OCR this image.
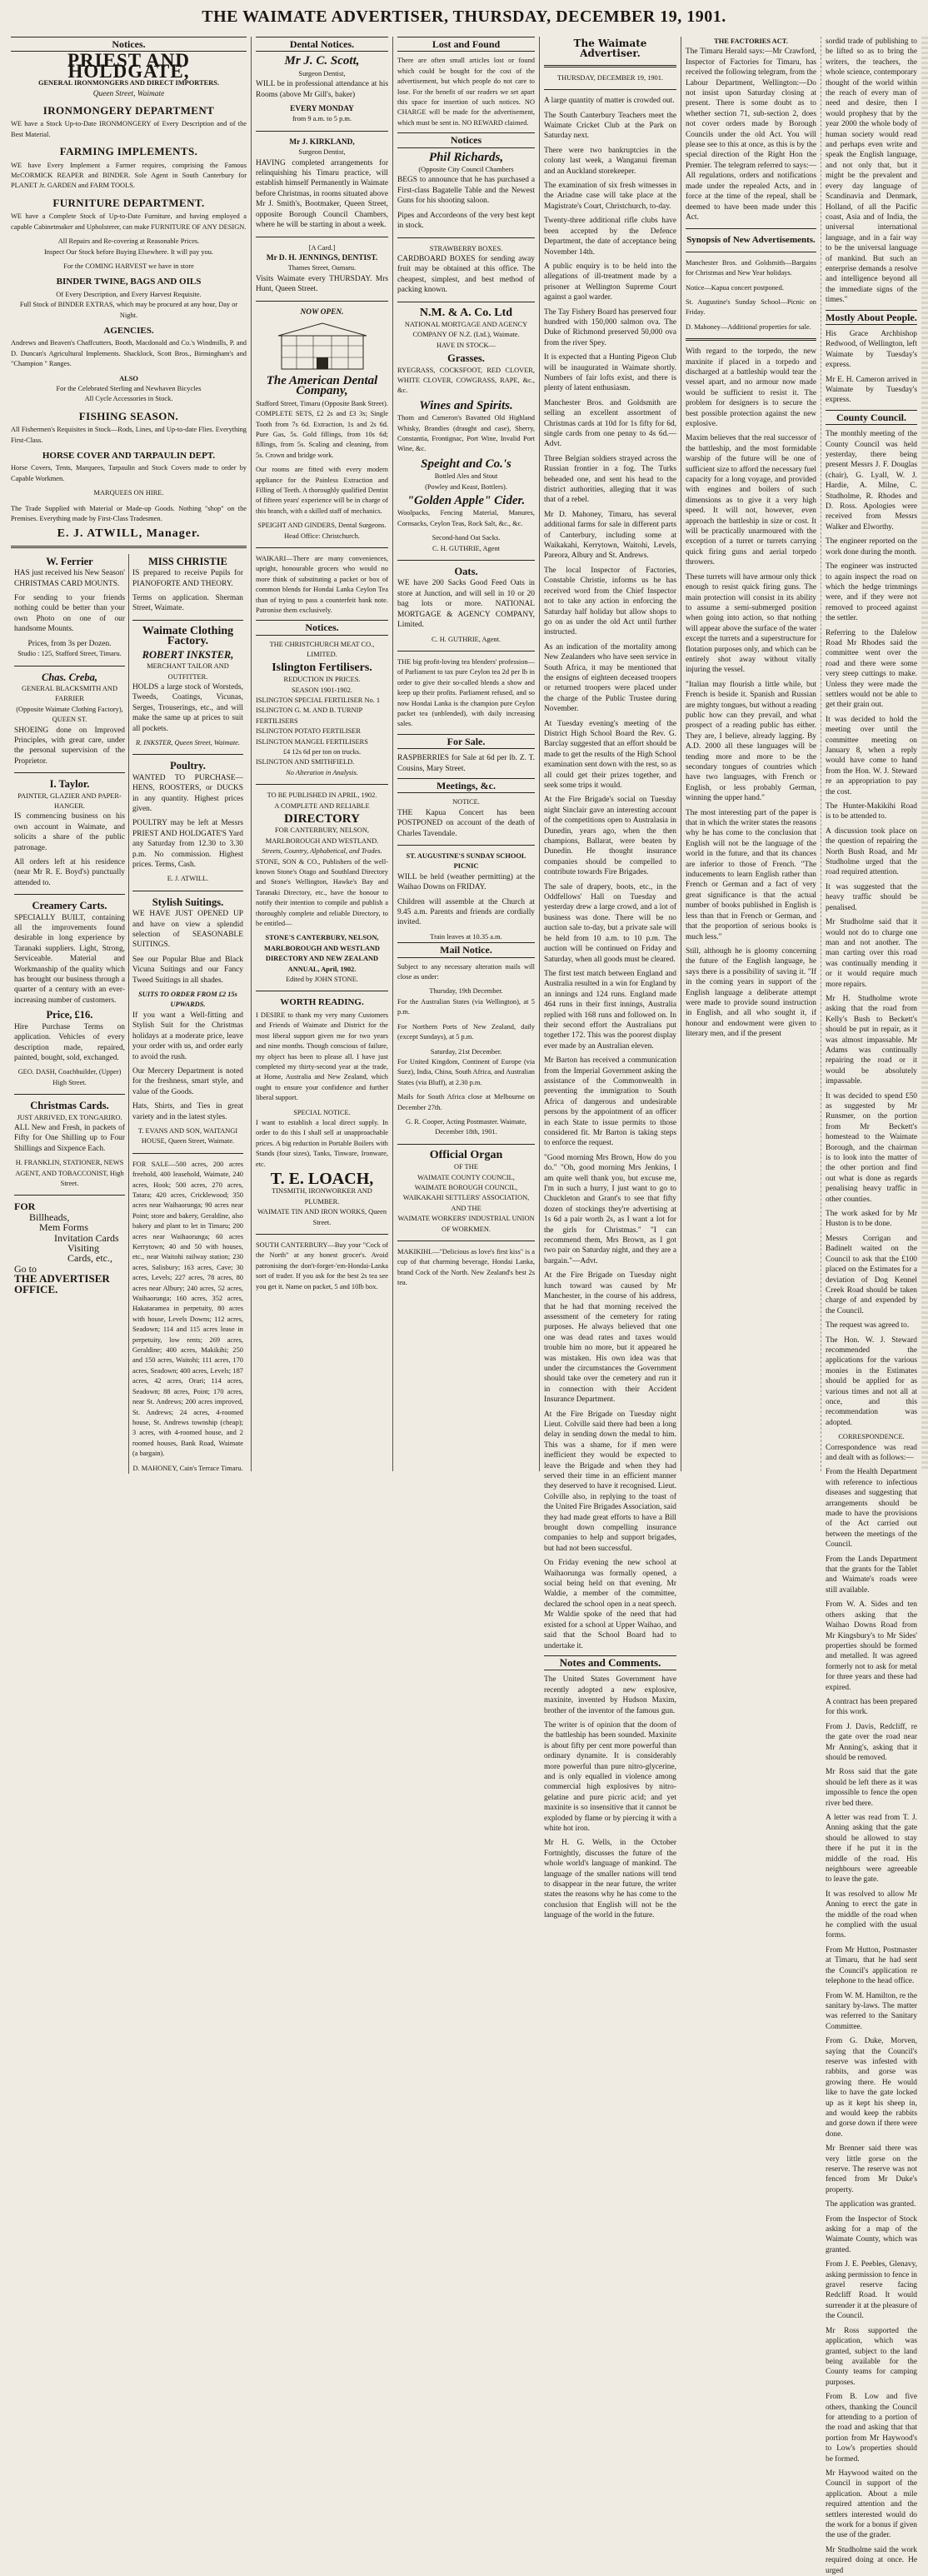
THE WAIMATE ADVERTISER, THURSDAY, DECEMBER 19, 1901.
Notices.
PRIEST AND HOLDGATE,
GENERAL IRONMONGERS AND DIRECT IMPORTERS.
Queen Street, Waimate
IRONMONGERY DEPARTMENT

WE have a Stock Up-to-Date IRONMONGERY of Every Description and of the Best Material.

FARMING IMPLEMENTS.

WE have Every Implement a Farmer requires, comprising the Famous McCORMICK REAPER and BINDER. Sole Agent in South Canterbury for PLANET Jr. GARDEN and FARM TOOLS.

FURNITURE DEPARTMENT.

WE have a Complete Stock of Up-to-Date Furniture, and having employed a capable Cabinetmaker and Upholsterer, can make FURNITURE OF ANY DESIGN.

All Repairs and Re-covering at Reasonable Prices.
Inspect Our Stock before Buying Elsewhere. It will pay you.
For the COMING HARVEST we have in store
BINDER TWINE, BAGS AND OILS
Of Every Description, and Every Harvest Requisite.
Full Stock of BINDER EXTRAS, which may be procured at any hour, Day or Night.
AGENCIES.

Andrews and Beaven's Chaffcutters, Booth, Macdonald and Co.'s Windmills, P. and D. Duncan's Agricultural Implements. Shacklock, Scott Bros., Birmingham's and "Champion " Ranges.

ALSO
For the Celebrated Sterling and Newhaven Bicycles
All Cycle Accessories in Stock.
FISHING SEASON.

All Fishermen's Requisites in Stock—Rods, Lines, and Up-to-date Flies. Everything First-Class.

HORSE COVER AND TARPAULIN DEPT.

Horse Covers, Tents, Marquees, Tarpaulin and Stock Covers made to order by Capable Workmen.

MARQUEES ON HIRE.

The Trade Supplied with Material or Made-up Goods. Nothing "shop" on the Premises. Everything made by First-Class Tradesmen.

E. J. ATWILL, Manager.
W. Ferrier

HAS just received his New Season' CHRISTMAS CARD MOUNTS.

For sending to your friends nothing could be better than your own Photo on one of our handsome Mounts.

Prices, from 3s per Dozen.
Studio : 125, Stafford Street, Timaru.
Chas. Creba,
GENERAL BLACKSMITH AND FARRIER
(Opposite Waimate Clothing Factory), QUEEN ST.

SHOEING done on Improved Principles, with great care, under the personal supervision of the Proprietor.

I. Taylor.
PAINTER, GLAZIER AND PAPER-HANGER.

IS commencing business on his own account in Waimate, and solicits a share of the public patronage.

All orders left at his residence (near Mr R. E. Boyd's) punctually attended to.

Creamery Carts.

SPECIALLY BUILT, containing all the improvements found desirable in long experience by Taranaki suppliers. Light, Strong, Serviceable. Material and Workmanship of the quality which has brought our business through a quarter of a century with an ever-increasing number of customers.

Price, £16.

Hire Purchase Terms on application. Vehicles of every description made, repaired, painted, bought, sold, exchanged.

GEO. DASH, Coachbuilder, (Upper) High Street.
Christmas Cards.
JUST ARRIVED, EX TONGARIRO.

ALL New and Fresh, in packets of Fifty for One Shilling up to Four Shillings and Sixpence Each.

H. FRANKLIN, STATIONER, NEWS AGENT, AND TOBACCONIST, High Street.
FOR
Billheads,
Mem Forms
Invitation Cards
Visiting Cards, etc.,
Go to
THE ADVERTISER OFFICE.
MISS CHRISTIE

IS prepared to receive Pupils for PIANOFORTE AND THEORY.

Terms on application. Sherman Street, Waimate.

Waimate Clothing Factory.
ROBERT INKSTER,
MERCHANT TAILOR AND OUTFITTER.

HOLDS a large stock of Worsteds, Tweeds, Coatings, Vicunas, Serges, Trouserings, etc., and will make the same up at prices to suit all pockets.

R. INKSTER, Queen Street, Waimate.
Poultry.

WANTED TO PURCHASE— HENS, ROOSTERS, or DUCKS in any quantity. Highest prices given.

POULTRY may be left at Messrs PRIEST AND HOLDGATE'S Yard any Saturday from 12.30 to 3.30 p.m. No commission. Highest prices. Terms, Cash.

E. J. ATWILL.
Stylish Suitings.

WE HAVE JUST OPENED UP and have on view a splendid selection of SEASONABLE SUITINGS.

See our Popular Blue and Black Vicuna Suitings and our Fancy Tweed Suitings in all shades.

SUITS TO ORDER FROM £2 15s UPWARDS.

If you want a Well-fitting and Stylish Suit for the Christmas holidays at a moderate price, leave your order with us, and order early to avoid the rush.

Our Mercery Department is noted for the freshness, smart style, and value of the Goods.

Hats, Shirts, and Ties in great variety and in the latest styles.

T. EVANS AND SON, WAITANGI HOUSE, Queen Street, Waimate.

FOR SALE—500 acres, 200 acres freehold, 400 leasehold, Waimate, 240 acres, Hook; 500 acres, 270 acres, Tatara; 420 acres, Cricklewood; 350 acres near Waihaorunga; 90 acres near Point; store and bakery, Geraldine, also bakery and plant to let in Timaru; 200 acres near Waihaorunga; 60 acres Kerrytown; 40 and 50 with houses, etc., near Waitohi railway station; 230 acres, Salisbury; 163 acres, Cave; 30 acres, Levels; 227 acres, 78 acres, 80 acres near Albury; 240 acres, 52 acres, Waihaorunga; 160 acres, 352 acres, Hakataramea in perpetuity, 80 acres with house, Levels Downs; 112 acres, Seadown; 114 and 115 acres lease in perpetuity, low rents; 269 acres, Geraldine; 400 acres, Makikihi; 250 and 150 acres, Waitohi; 111 acres, 170 acres, Seadown; 400 acres, Levels; 187 acres, 42 acres, Orari; 114 acres, Seadown; 88 acres, Point; 170 acres, near St. Andrews; 200 acres improved, St. Andrews; 24 acres, 4-roomed house, St. Andrews township (cheap); 3 acres, with 4-roomed house, and 2 roomed houses, Bank Road, Waimate (a bargain).

D. MAHONEY, Cain's Terrace Timaru.
Dental Notices.
Mr J. C. Scott,
Surgeon Dentist,

WILL be in professional attendance at his Rooms (above Mr Gill's, baker)

EVERY MONDAY
from 9 a.m. to 5 p.m.
Mr J. KIRKLAND,
Surgeon Dentist,

HAVING completed arrangements for relinquishing his Timaru practice, will establish himself Permanently in Waimate before Christmas, in rooms situated above Mr J. Smith's, Bootmaker, Queen Street, opposite Borough Council Chambers, where he will be starting in about a week.

[A Card.]
Mr D. H. JENNINGS, DENTIST.
Thames Street, Oamaru.

Visits Waimate every THURSDAY. Mrs Hunt, Queen Street.

NOW OPEN.
The American Dental Company,
Stafford Street, Timaru (Opposite Bank Street).

COMPLETE SETS, £2 2s and £3 3s; Single Tooth from 7s 6d. Extraction, 1s and 2s 6d. Pure Gas, 5s. Gold fillings, from 10s 6d; fillings, from 5s. Scaling and cleaning, from 5s. Crown and bridge work.

Our rooms are fitted with every modern appliance for the Painless Extraction and Filling of Teeth. A thoroughly qualified Dentist of fifteen years' experience will be in charge of this branch, with a skilled staff of mechanics.

SPEIGHT AND GINDERS, Dental Surgeons. Head Office: Christchurch.

WAIKARI—There are many conveniences, upright, honourable grocers who would no more think of substituting a packet or box of common blends for Hondai Lanka Ceylon Tea than of trying to pass a counterfeit bank note. Patronise them exclusively.

Notices.
THE CHRISTCHURCH MEAT CO., LIMITED.
Islington Fertilisers.
REDUCTION IN PRICES.
SEASON 1901-1902.
ISLINGTON SPECIAL FERTILISER No. 1
ISLINGTON G. M. AND B. TURNIP FERTILISERS
ISLINGTON POTATO FERTILISER
ISLINGTON MANGEL FERTILISERS
£4 12s 6d per ton on trucks.
ISLINGTON AND SMITHFIELD.
No Alteration in Analysis.
TO BE PUBLISHED IN APRIL, 1902.
A COMPLETE AND RELIABLE
DIRECTORY
FOR CANTERBURY, NELSON, MARLBOROUGH AND WESTLAND.
Streets, Country, Alphabetical, and Trades.

STONE, SON & CO., Publishers of the well-known Stone's Otago and Southland Directory and Stone's Wellington, Hawke's Bay and Taranaki Directory, etc., have the honour to notify their intention to compile and publish a thoroughly complete and reliable Directory, to be entitled—

STONE'S CANTERBURY, NELSON, MARLBOROUGH AND WESTLAND DIRECTORY AND NEW ZEALAND ANNUAL, April, 1902.
Edited by JOHN STONE.
WORTH READING.

I DESIRE to thank my very many Customers and Friends of Waimate and District for the most liberal support given me for two years and nine months. Though conscious of failure, my object has been to please all. I have just completed my thirty-second year at the trade, at Home, Australia and New Zealand, which ought to ensure your confidence and further liberal support.

SPECIAL NOTICE.

I want to establish a local direct supply. In order to do this I shall sell at unapproachable prices. A big reduction in Portable Boilers with Stands (four sizes), Tanks, Tinware, Ironware, etc.

T. E. LOACH,
TINSMITH, IRONWORKER AND PLUMBER.
WAIMATE TIN AND IRON WORKS, Queen Street.

SOUTH CANTERBURY—Buy your "Cock of the North" at any honest grocer's. Avoid patronising the don't-forget-'em-Hondai-Lanka sort of trader. If you ask for the best 2s tea see you get it. Name on packet, 5 and 10lb box.

Lost and Found

There are often small articles lost or found which could be bought for the cost of the advertisement, but which people do not care to lose. For the benefit of our readers we set apart this space for insertion of such notices. NO CHARGE will be made for the advertisement, which must be sent in. NO REWARD claimed.

Notices
Phil Richards,
(Opposite City Council Chambers

BEGS to announce that he has purchased a First-class Bagatelle Table and the Newest Guns for his shooting saloon.

Pipes and Accordeons of the very best kept in stock.

STRAWBERRY BOXES.

CARDBOARD BOXES for sending away fruit may be obtained at this office. The cheapest, simplest, and best method of packing known.

N.M. & A. Co. Ltd
NATIONAL MORTGAGE AND AGENCY COMPANY OF N.Z. (Ltd.), Waimate.
HAVE IN STOCK—
Grasses.

RYEGRASS, COCKSFOOT, RED CLOVER, WHITE CLOVER, COWGRASS, RAPE, &c., &c.

Wines and Spirits.

Thom and Cameron's Bavatted Old Highland Whisky, Brandies (draught and case), Sherry, Constantia, Frontignac, Port Wine, Invalid Port Wine, &c.

Speight and Co.'s
Bottled Ales and Stout
(Powley and Keast, Bottlers).
"Golden Apple" Cider.

Woolpacks, Fencing Material, Manures, Cornsacks, Ceylon Teas, Rock Salt, &c., &c.

Second-hand Oat Sacks.
C. H. GUTHRIE, Agent
Oats.

WE have 200 Sacks Good Feed Oats in store at Junction, and will sell in 10 or 20 bag lots or more. NATIONAL MORTGAGE & AGENCY COMPANY, Limited.

C. H. GUTHRIE, Agent.

THE big profit-loving tea blenders' profession—of Parliament to tax pure Ceylon tea 2d per lb in order to give their so-called blends a show and keep up their profits. Parliament refused, and so now Hondai Lanka is the champion pure Ceylon packet tea (unblended), with daily increasing sales.

For Sale.

RASPBERRIES for Sale at 6d per lb. Z. T. Cousins, Mary Street.

Meetings, &c.
NOTICE.

THE Kapua Concert has been POSTPONED on account of the death of Charles Tavendale.

ST. AUGUSTINE'S SUNDAY SCHOOL PICNIC

WILL be held (weather permitting) at the Waihao Downs on FRIDAY.

Children will assemble at the Church at 9.45 a.m. Parents and friends are cordially invited.

Train leaves at 10.35 a.m.
Mail Notice.

Subject to any necessary alteration mails will close as under:

Thursday, 19th December.

For the Australian States (via Wellington), at 5 p.m.

For Northern Ports of New Zealand, daily (except Sundays), at 5 p.m.

Saturday, 21st December.

For United Kingdom, Continent of Europe (via Suez), India, China, South Africa, and Australian States (via Bluff), at 2.30 p.m.

Mails for South Africa close at Melbourne on December 27th.

G. R. Cooper, Acting Postmaster. Waimate, December 18th, 1901.
Official Organ
OF THE
WAIMATE COUNTY COUNCIL,
WAIMATE BOROUGH COUNCIL,
WAIKAKAHI SETTLERS' ASSOCIATION,
AND THE
WAIMATE WORKERS' INDUSTRIAL UNION OF WORKMEN.

MAKIKIHI.—"Delicious as love's first kiss" is a cup of that charming beverage, Hondai Lanka, brand Cock of the North. New Zealand's best 2s tea.

The Waimate Advertiser.
THURSDAY, DECEMBER 19, 1901.

A large quantity of matter is crowded out.

The South Canterbury Teachers meet the Waimate Cricket Club at the Park on Saturday next.

There were two bankruptcies in the colony last week, a Wanganui fireman and an Auckland storekeeper.

The examination of six fresh witnesses in the Ariadne case will take place at the Magistrate's Court, Christchurch, to-day.

Twenty-three additional rifle clubs have been accepted by the Defence Department, the date of acceptance being November 14th.

A public enquiry is to be held into the allegations of ill-treatment made by a prisoner at Wellington Supreme Court against a gaol warder.

The Tay Fishery Board has preserved four hundred with 150,000 salmon ova. The Duke of Richmond preserved 50,000 ova from the river Spey.

It is expected that a Hunting Pigeon Club will be inaugurated in Waimate shortly. Numbers of fair lofts exist, and there is plenty of latent enthusiasm.

Manchester Bros. and Goldsmith are selling an excellent assortment of Christmas cards at 10d for 1s fifty for 6d, single cards from one penny to 4s 6d.—Advt.

Three Belgian soldiers strayed across the Russian frontier in a fog. The Turks beheaded one, and sent his head to the district authorities, alleging that it was that of a rebel.

Mr D. Mahoney, Timaru, has several additional farms for sale in different parts of Canterbury, including some at Waikakahi, Kerrytown, Waitohi, Levels, Pareora, Albury and St. Andrews.

The local Inspector of Factories, Constable Christie, informs us he has received word from the Chief Inspector not to take any action in enforcing the Saturday half holiday but allow shops to go on as under the old Act until further instructed.

As an indication of the mortality among New Zealanders who have seen service in South Africa, it may be mentioned that the ensigns of eighteen deceased troopers or returned troopers were placed under the charge of the Public Trustee during November.

At Tuesday evening's meeting of the District High School Board the Rev. G. Barclay suggested that an effort should be made to get the results of the High School examination sent down with the rest, so as all could get their prizes together, and seek some trips it would.

At the Fire Brigade's social on Tuesday night Sinclair gave an interesting account of the competitions open to Australasia in Dunedin, years ago, when the then champions, Ballarat, were beaten by Dunedin. He thought insurance companies should be compelled to contribute towards Fire Brigades.

The sale of drapery, boots, etc., in the Oddfellows' Hall on Tuesday and yesterday drew a large crowd, and a lot of business was done. There will be no auction sale to-day, but a private sale will be held from 10 a.m. to 10 p.m. The auction will be continued on Friday and Saturday, when all goods must be cleared.

The first test match between England and Australia resulted in a win for England by an innings and 124 runs. England made 464 runs in their first innings, Australia replied with 168 runs and followed on. In their second effort the Australians put together 172. This was the poorest display ever made by an Australian eleven.

Mr Barton has received a communication from the Imperial Government asking the assistance of the Commonwealth in preventing the immigration to South Africa of dangerous and undesirable persons by the appointment of an officer in each State to issue permits to those considered fit. Mr Barton is taking steps to enforce the request.

"Good morning Mrs Brown, How do you do." "Oh, good morning Mrs Jenkins, I am quite well thank you, but excuse me, I'm in such a hurry, I just want to go to Chuckleton and Grant's to see that fifty dozen of stockings they're advertising at 1s 6d a pair worth 2s, as I want a lot for the girls for Christmas." "I can recommend them, Mrs Brown, as I got two pair on Saturday night, and they are a bargain."—Advt.

At the Fire Brigade on Tuesday night lunch toward was caused by Mr Manchester, in the course of his address, that he had that morning received the assessment of the cemetery for rating purposes. He always believed that one one was dead rates and taxes would trouble him no more, but it appeared he was mistaken. His own idea was that under the circumstances the Government should take over the cemetery and run it in connection with their Accident Insurance Department.

At the Fire Brigade on Tuesday night Lieut. Colville said there had been a long delay in sending down the medal to him. This was a shame, for if men were inefficient they would be expected to leave the Brigade and when they had served their time in an efficient manner they deserved to have it recognised. Lieut. Colville also, in replying to the toast of the United Fire Brigades Association, said they had made great efforts to have a Bill brought down compelling insurance companies to help and support brigades, but had not been successful.

On Friday evening the new school at Waihaorunga was formally opened, a social being held on that evening. Mr Waldie, a member of the committee, declared the school open in a neat speech. Mr Waldie spoke of the need that had existed for a school at Upper Waihao, and said that the School Board had to undertake it.

Notes and Comments.

The United States Government have recently adopted a new explosive, maxinite, invented by Hudson Maxim, brother of the inventor of the famous gun.

The writer is of opinion that the doom of the battleship has been sounded. Maxinite is about fifty per cent more powerful than ordinary dynamite. It is considerably more powerful than pure nitro-glycerine, and is only equalled in violence among commercial high explosives by nitro-gelatine and pure picric acid; and yet maxinite is so insensitive that it cannot be exploded by flame or by piercing it with a white hot iron.

Mr H. G. Wells, in the October Fortnightly, discusses the future of the whole world's language of mankind. The language of the smaller nations will tend to disappear in the near future, the writer states the reasons why he has come to the conclusion that English will not be the language of the world in the future.

THE FACTORIES ACT.

The Timaru Herald says:—Mr Crawford, Inspector of Factories for Timaru, has received the following telegram, from the Labour Department, Wellington:—Do not insist upon Saturday closing at present. There is some doubt as to whether section 71, sub-section 2, does not cover orders made by Borough Councils under the old Act. You will please see to this at once, as this is by the special direction of the Right Hon the Premier. The telegram referred to says:—All regulations, orders and notifications made under the repealed Acts, and in force at the time of the repeal, shall be deemed to have been made under this Act.

Synopsis of New Advertisements.

Manchester Bros. and Goldsmith—Bargains for Christmas and New Year holidays.

Notice—Kapua concert postponed.

St. Augustine's Sunday School—Picnic on Friday.

D. Mahoney—Additional properties for sale.

With regard to the torpedo, the new maxinite if placed in a torpedo and discharged at a battleship would tear the vessel apart, and no armour now made would be sufficient to resist it. The problem for designers is to secure the best possible protection against the new explosive.

Maxim believes that the real successor of the battleship, and the most formidable warship of the future will be one of sufficient size to afford the necessary fuel capacity for a long voyage, and provided with engines and boilers of such dimensions as to give it a very high speed. It will not, however, even approach the battleship in size or cost. It will be practically unarmoured with the exception of a turret or turrets carrying quick firing guns and aerial torpedo throwers.

These turrets will have armour only thick enough to resist quick firing guns. The main protection will consist in its ability to assume a semi-submerged position when going into action, so that nothing will appear above the surface of the water except the turrets and a superstructure for flotation purposes only, and which can be entirely shot away without vitally injuring the vessel.

"Italian may flourish a little while, but French is beside it. Spanish and Russian are mighty tongues, but without a reading public how can they prevail, and what prospect of a reading public has either. They are, I believe, already lagging. By A.D. 2000 all these languages will be tending more and more to be the secondary tongues of countries which have two languages, with French or English, or less probably German, winning the upper hand."

The most interesting part of the paper is that in which the writer states the reasons why he has come to the conclusion that English will not be the language of the world in the future, and that its chances are inferior to those of French. "The inducements to learn English rather than French or German and a fact of very great significance is that the actual number of books published in English is less than that in French or German, and that the proportion of serious books is much less."

Still, although he is gloomy concerning the future of the English language, he says there is a possibility of saving it. "If in the coming years in support of the English language a deliberate attempt were made to provide sound instruction in English, and all who sought it, if honour and endowment were given to literary men, and if the present

sordid trade of publishing to be lifted so as to bring the writers, the teachers, the whole science, contemporary thought of the world within the reach of every man of need and desire, then I would prophesy that by the year 2000 the whole body of human society would read and perhaps even write and speak the English language, and not only that, but it might be the prevalent and every day language of Scandinavia and Denmark, Holland, of all the Pacific coast, Asia and of India, the universal international language, and in a fair way to be the universal language of mankind. But such an enterprise demands a resolve and intelligence beyond all the immediate signs of the times."

Mostly About People.

His Grace Archbishop Redwood, of Wellington, left Waimate by Tuesday's express.

Mr E. H. Cameron arrived in Waimate by Tuesday's express.

County Council.

The monthly meeting of the County Council was held yesterday, there being present Messrs J. F. Douglas (chair), G. Lyall, W. J. Hardie, A. Milne, C. Studholme, R. Rhodes and D. Ross. Apologies were received from Messrs Walker and Elworthy.

The engineer reported on the work done during the month.

The engineer was instructed to again inspect the road on which the hedge trimmings were, and if they were not removed to proceed against the settler.

Referring to the Dalelow Road Mr Rhodes said the committee went over the road and there were some very steep cuttings to make. Unless they were made the settlers would not be able to get their grain out.

It was decided to hold the meeting over until the committee meeting on January 8, when a reply would have come to hand from the Hon. W. J. Steward re an appropriation to pay the cost.

The Hunter-Makikihi Road is to be attended to.

A discussion took place on the question of repairing the North Bush Road, and Mr Studholme urged that the road required attention.

It was suggested that the heavy traffic should be penalised.

Mr Studholme said that it would not do to charge one man and not another. The man carting over this road was continually mending it or it would require much more repairs.

Mr H. Studholme wrote asking that the road from Kelly's Bush to Beckett's should be put in repair, as it was almost impassable. Mr Adams was continually repairing the road or it would be absolutely impassable.

It was decided to spend £50 as suggested by Mr Runsmer, on the portion from Mr Beckett's homestead to the Waimate Borough, and the chairman is to look into the matter of the other portion and find out what is done as regards penalising heavy traffic in other counties.

The work asked for by Mr Huston is to be done.

Messrs Corrigan and Badinelt waited on the Council to ask that the £100 placed on the Estimates for a deviation of Dog Kennel Creek Road should be taken charge of and expended by the Council.

The request was agreed to.

The Hon. W. J. Steward recommended the applications for the various monies in the Estimates should be applied for as various times and not all at once, and this recommendation was adopted.

CORRESPONDENCE.

Correspondence was read and dealt with as follows:—

From the Health Department with reference to infectious diseases and suggesting that arrangements should be made to have the provisions of the Act carried out between the meetings of the Council.

From the Lands Department that the grants for the Tablet and Waimate's roads were still available.

From W. A. Sides and ten others asking that the Waihao Downs Road from Mr Kingsbury's to Mr Sides' properties should be formed and metalled. It was agreed formerly not to ask for metal for three years and these had expired.

A contract has been prepared for this work.

From J. Davis, Redcliff, re the gate over the road near Mr Anning's, asking that it should be removed.

Mr Ross said that the gate should be left there as it was impossible to fence the open river bed there.

A letter was read from T. J. Anning asking that the gate should be allowed to stay there if he put it in the middle of the road. His neighbours were agreeable to leave the gate.

It was resolved to allow Mr Anning to erect the gate in the middle of the road when he complied with the usual forms.

From Mr Hutton, Postmaster at Timaru, that he had sent the Council's application re telephone to the head office.

From W. M. Hamilton, re the sanitary by-laws. The matter was referred to the Sanitary Committee.

From G. Duke, Morven, saying that the Council's reserve was infested with rabbits, and gorse was growing there. He would like to have the gate locked up as it kept his sheep in, and would keep the rabbits and gorse down if there were done.

Mr Brenner said there was very little gorse on the reserve. The reserve was not fenced from Mr Duke's property.

The application was granted.

From the Inspector of Stock asking for a map of the Waimate County, which was granted.

From J. E. Peebles, Glenavy, asking permission to fence in gravel reserve facing Redcliff Road. It would surrender it at the pleasure of the Council.

Mr Ross supported the application, which was granted, subject to the land being available for the County teams for camping purposes.

From B. Low and five others, thanking the Council for attending to a portion of the road and asking that that portion from Mr Haywood's to Low's properties should be formed.

Mr Haywood waited on the Council in support of the application. About a mile required attention and the settlers interested would do the work for a bonus if given the use of the grader.

Mr Studholme said the work required doing at once. He urged
